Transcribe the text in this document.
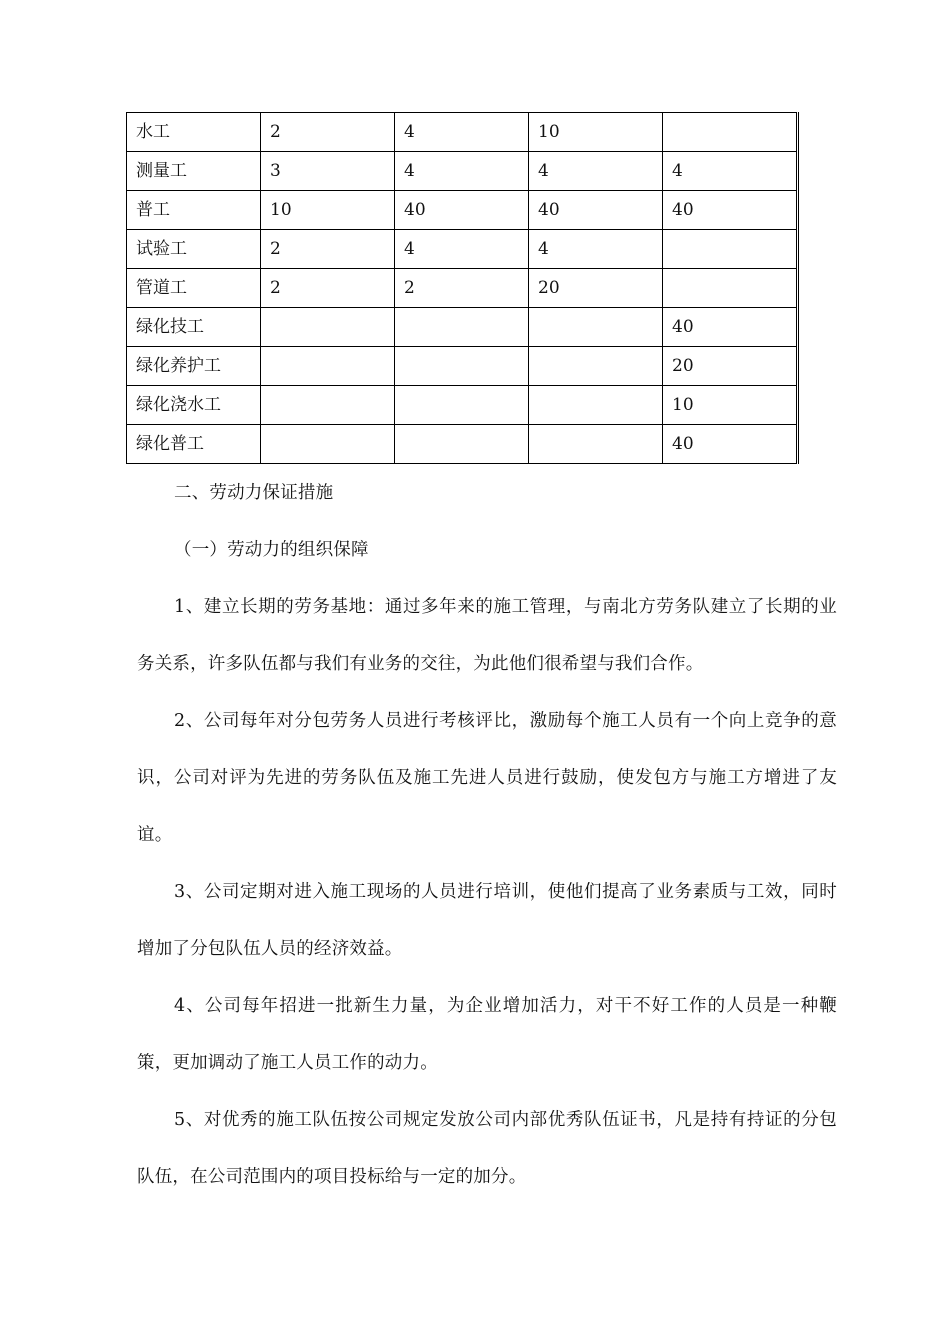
水工	2	4	10	
测量工	3	4	4	4
普工	10	40	40	40
试验工	2	4	4	
管道工	2	2	20	
绿化技工				40
绿化养护工				20
绿化浇水工				10
绿化普工				40

二、劳动力保证措施

（一）劳动力的组织保障

1、建立长期的劳务基地：通过多年来的施工管理，与南北方劳务队建立了长期的业务关系，许多队伍都与我们有业务的交往，为此他们很希望与我们合作。

2、公司每年对分包劳务人员进行考核评比，激励每个施工人员有一个向上竞争的意识，公司对评为先进的劳务队伍及施工先进人员进行鼓励，使发包方与施工方增进了友谊。

3、公司定期对进入施工现场的人员进行培训，使他们提高了业务素质与工效，同时增加了分包队伍人员的经济效益。

4、公司每年招进一批新生力量，为企业增加活力，对干不好工作的人员是一种鞭策，更加调动了施工人员工作的动力。

5、对优秀的施工队伍按公司规定发放公司内部优秀队伍证书，凡是持有持证的分包队伍，在公司范围内的项目投标给与一定的加分。
